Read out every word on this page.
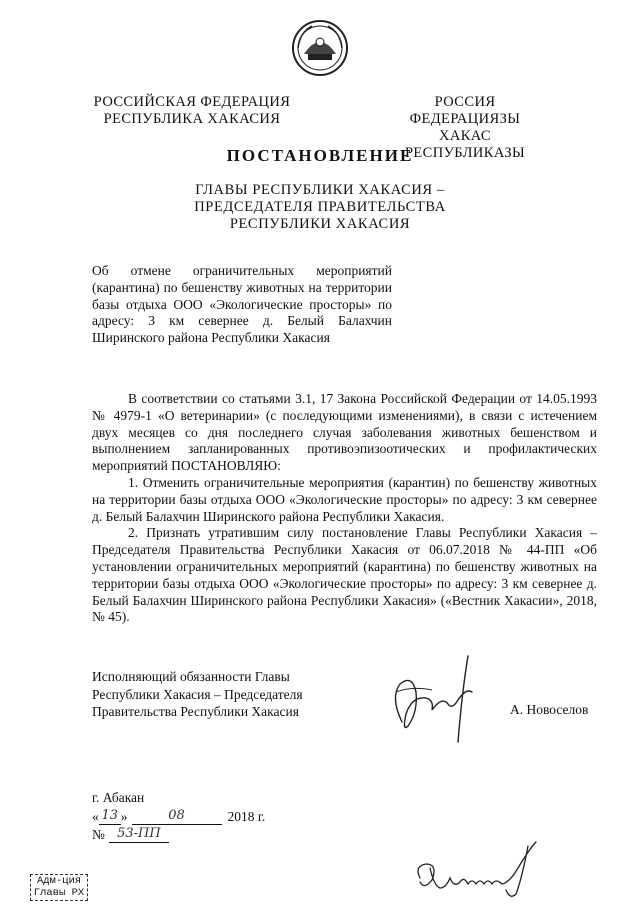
РОССИЙСКАЯ ФЕДЕРАЦИЯ
РЕСПУБЛИКА ХАКАСИЯ
РОССИЯ ФЕДЕРАЦИЯЗЫ
ХАКАС РЕСПУБЛИКАЗЫ
ПОСТАНОВЛЕНИЕ
ГЛАВЫ РЕСПУБЛИКИ ХАКАСИЯ –
ПРЕДСЕДАТЕЛЯ ПРАВИТЕЛЬСТВА
РЕСПУБЛИКИ ХАКАСИЯ
Об отмене ограничительных мероприятий (карантина) по бешенству животных на территории базы отдыха ООО «Экологические просторы» по адресу: 3 км севернее д. Белый Балахчин Ширинского района Республики Хакасия

В соответствии со статьями 3.1, 17 Закона Российской Федерации от 14.05.1993 № 4979-1 «О ветеринарии» (с последующими изменениями), в связи с истечением двух месяцев со дня последнего случая заболевания животных бешенством и выполнением запланированных противоэпизоотических и профилактических мероприятий ПОСТАНОВЛЯЮ:

1. Отменить ограничительные мероприятия (карантин) по бешенству животных на территории базы отдыха ООО «Экологические просторы» по адресу: 3 км севернее д. Белый Балахчин Ширинского района Республики Хакасия.

2. Признать утратившим силу постановление Главы Республики Хакасия – Председателя Правительства Республики Хакасия от 06.07.2018 № 44-ПП «Об установлении ограничительных мероприятий (карантина) по бешенству животных на территории базы отдыха ООО «Экологические просторы» по адресу: 3 км севернее д. Белый Балахчин Ширинского района Республики Хакасия» («Вестник Хакасии», 2018, № 45).

Исполняющий обязанности Главы
Республики Хакасия – Председателя
Правительства Республики Хакасия	А. Новоселов
г. Абакан
« 13 »	08	2018 г.
№ 53-ПП
Адм-ция
Главы РХ
